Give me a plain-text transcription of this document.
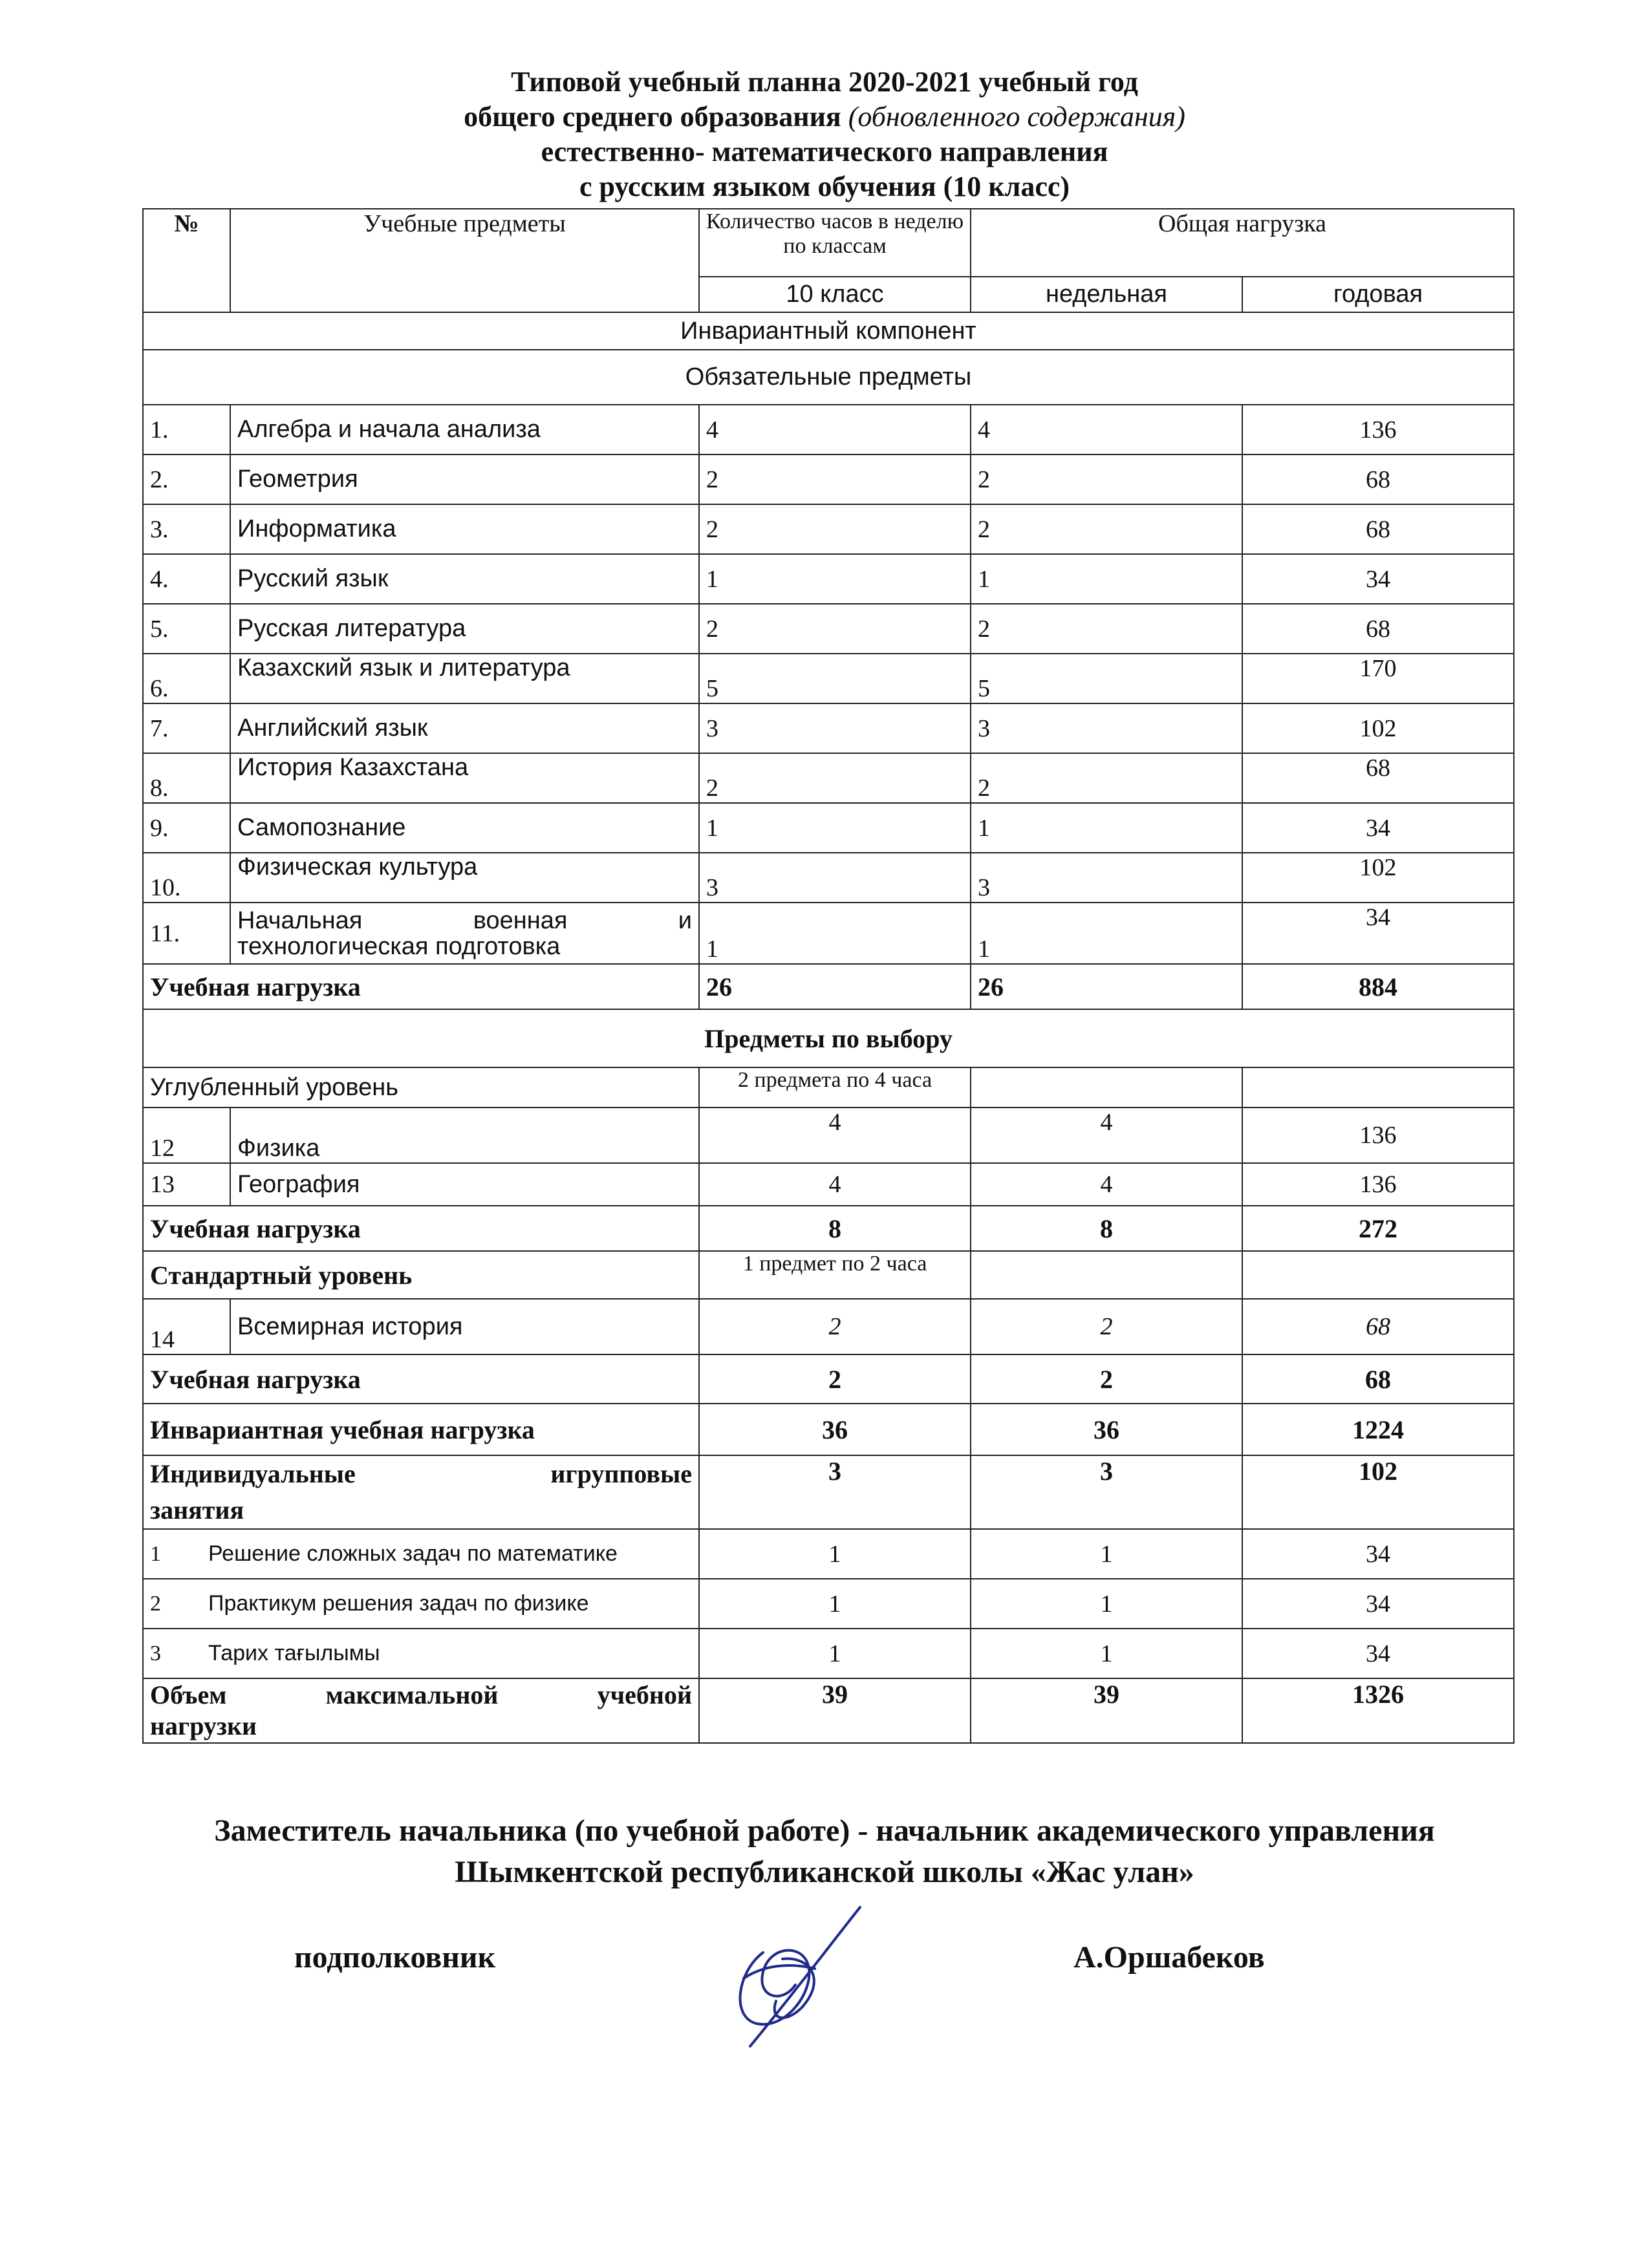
Типовой учебный планна 2020-2021 учебный год
общего среднего образования (обновленного содержания)
естественно- математического направления
с русским языком обучения (10 класс)
№	Учебные предметы	Количество часов в неделю по классам	Общая нагрузка	
		10 класс	недельная	годовая
Инвариантный компонент				
Обязательные предметы				
1.	Алгебра и начала анализа	4	4	136
2.	Геометрия	2	2	68
3.	Информатика	2	2	68
4.	Русский язык	1	1	34
5.	Русская литература	2	2	68
6.	Казахский язык и литература	5	5	170
7.	Английский язык	3	3	102
8.	История Казахстана	2	2	68
9.	Самопознание	1	1	34
10.	Физическая культура	3	3	102
11.	Начальная военная и
технологическая подготовка	1	1	34
Учебная нагрузка		26	26	884
Предметы по выбору				
Углубленный уровень		2 предмета по 4 часа		
12	Физика	4	4	136
13	География	4	4	136
Учебная нагрузка		8	8	272
Стандартный уровень		1 предмет по 2 часа		
14	Всемирная история	2	2	68
Учебная нагрузка		2	2	68
Инвариантная учебная нагрузка		36	36	1224

Индивидуальные игрупповые
занятия		3	3	102
1 Решение сложных задач по математике		1	1	34
2 Практикум решения задач по физике		1	1	34
3 Тарих тағылымы		1	1	34

Объем максимальной учебной
нагрузки		39	39	1326
Заместитель начальника (по учебной работе) - начальник академического управления
Шымкентской республиканской школы «Жас улан»
подполковник	А.Оршабеков
